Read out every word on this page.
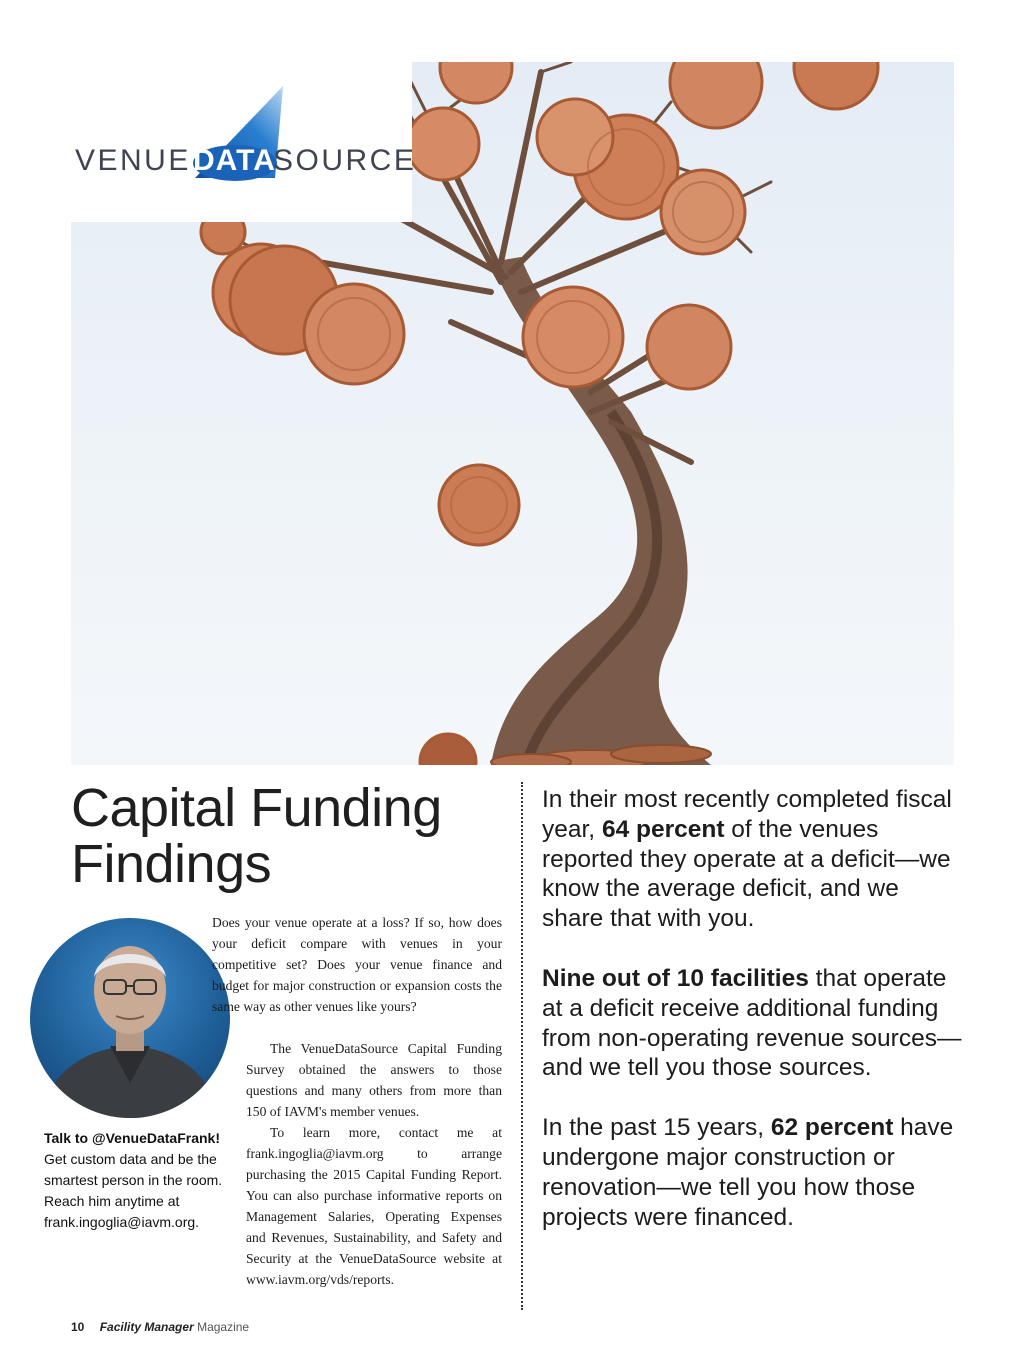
VENUE DATA
SOURCE
Capital Funding
Findings
Talk to @VenueDataFrank!
Get custom data and be the
smartest person in the room.
Reach him anytime at
frank.ingoglia@iavm.org.

Does your venue operate at a loss? If so, how does your deficit compare with venues in your competitive set? Does your venue finance and budget for major construction or expansion costs the same way as other venues like yours?

The VenueDataSource Capital Funding Survey obtained the answers to those questions and many others from more than 150 of IAVM's member venues.

To learn more, contact me at frank.ingoglia@iavm.org to arrange purchasing the 2015 Capital Funding Report. You can also purchase informative reports on Management Salaries, Operating Expenses and Revenues, Sustainability, and Safety and Security at the VenueDataSource website at www.iavm.org/vds/reports.

In their most recently completed fiscal year, 64 percent of the venues reported they operate at a deficit—we know the average deficit, and we share that with you.

Nine out of 10 facilities that operate at a deficit receive additional funding from non-operating revenue sources—and we tell you those sources.

In the past 15 years, 62 percent have undergone major construction or renovation—we tell you how those projects were financed.

10 Facility Manager Magazine
